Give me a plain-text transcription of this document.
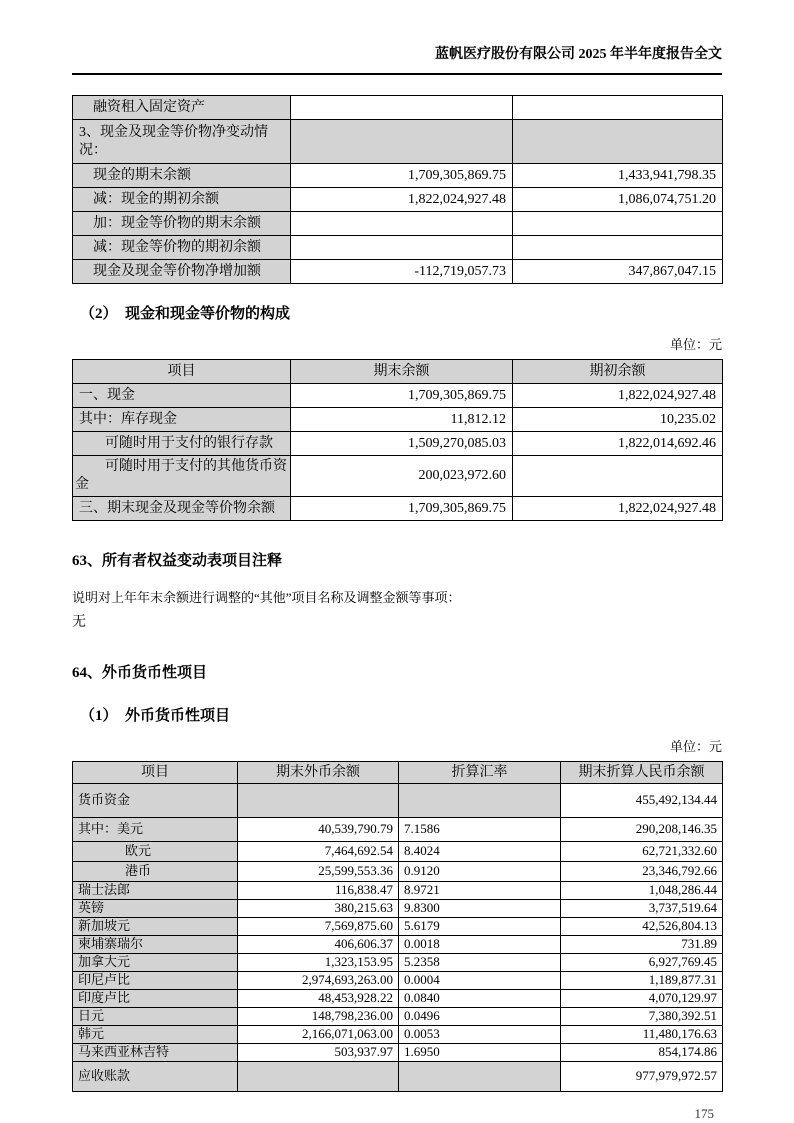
蓝帆医疗股份有限公司 2025 年半年度报告全文
融资租入固定资产		
3、现金及现金等价物净变动情况：		
现金的期末余额	1,709,305,869.75	1,433,941,798.35
减：现金的期初余额	1,822,024,927.48	1,086,074,751.20
加：现金等价物的期末余额		
减：现金等价物的期初余额		
现金及现金等价物净增加额	-112,719,057.73	347,867,047.15
（2）　现金和现金等价物的构成
单位：元
项目	期末余额	期初余额
一、现金	1,709,305,869.75	1,822,024,927.48
其中：库存现金	11,812.12	10,235.02
可随时用于支付的银行存款	1,509,270,085.03	1,822,014,692.46
可随时用于支付的其他货币资金	200,023,972.60	
三、期末现金及现金等价物余额	1,709,305,869.75	1,822,024,927.48
63、所有者权益变动表项目注释
说明对上年年末余额进行调整的“其他”项目名称及调整金额等事项：
无
64、外币货币性项目
（1）　外币货币性项目
单位：元
项目	期末外币余额	折算汇率	期末折算人民币余额
货币资金			455,492,134.44
其中：美元	40,539,790.79	7.1586	290,208,146.35
欧元	7,464,692.54	8.4024	62,721,332.60
港币	25,599,553.36	0.9120	23,346,792.66
瑞士法郎	116,838.47	8.9721	1,048,286.44
英镑	380,215.63	9.8300	3,737,519.64
新加坡元	7,569,875.60	5.6179	42,526,804.13
柬埔寨瑞尔	406,606.37	0.0018	731.89
加拿大元	1,323,153.95	5.2358	6,927,769.45
印尼卢比	2,974,693,263.00	0.0004	1,189,877.31
印度卢比	48,453,928.22	0.0840	4,070,129.97
日元	148,798,236.00	0.0496	7,380,392.51
韩元	2,166,071,063.00	0.0053	11,480,176.63
马来西亚林吉特	503,937.97	1.6950	854,174.86
应收账款			977,979,972.57
175
